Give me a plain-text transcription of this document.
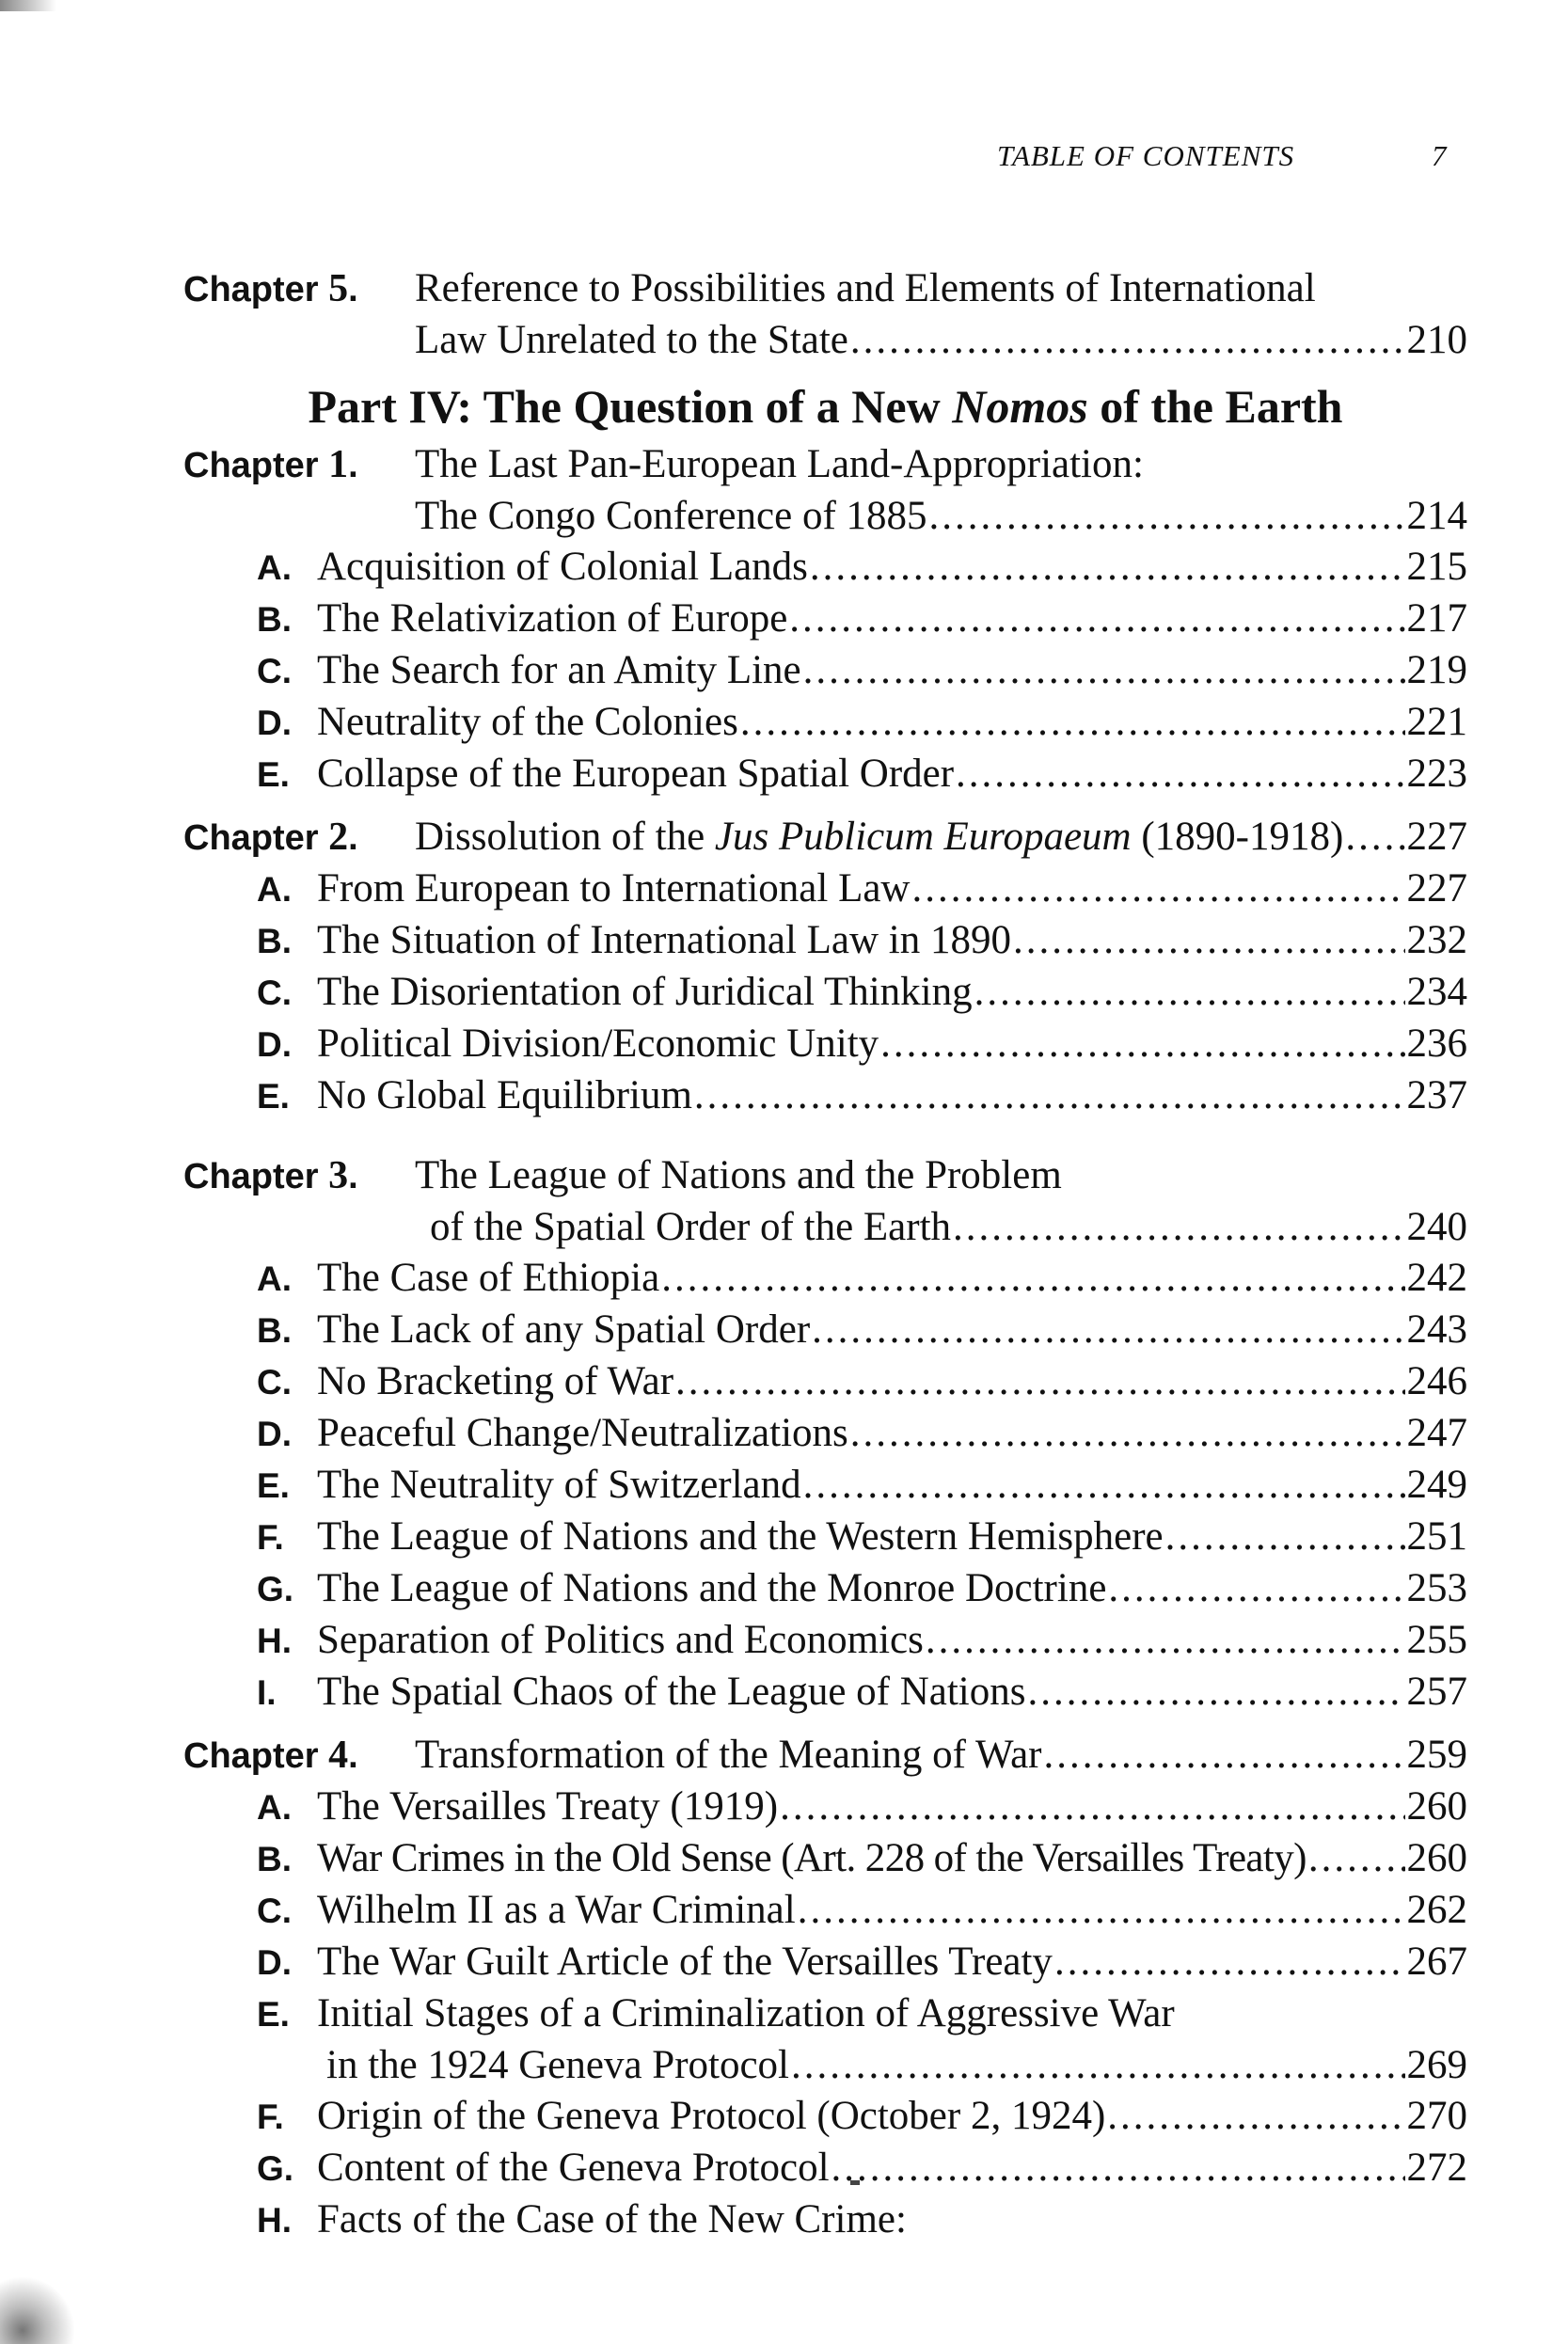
TABLE OF CONTENTS	7
Chapter 5. Reference to Possibilities and Elements of International
Law Unrelated to the State .....	210
Part IV: The Question of a New Nomos of the Earth
Chapter 1. The Last Pan-European Land-Appropriation:
The Congo Conference of 1885 .....	214
A. Acquisition of Colonial Lands .....	215
B. The Relativization of Europe .....	217
C. The Search for an Amity Line .....	219
D. Neutrality of the Colonies .....	221
E. Collapse of the European Spatial Order .....	223
Chapter 2. Dissolution of the Jus Publicum Europaeum (1890-1918) ..... 227
A. From European to International Law .....	227
B. The Situation of International Law in 1890 .....	232
C. The Disorientation of Juridical Thinking .....	234
D. Political Division/Economic Unity .....	236
E. No Global Equilibrium .....	237
Chapter 3. The League of Nations and the Problem
of the Spatial Order of the Earth .....	240
A. The Case of Ethiopia .....	242
B. The Lack of any Spatial Order .....	243
C. No Bracketing of War .....	246
D. Peaceful Change/Neutralizations .....	247
E. The Neutrality of Switzerland .....	249
F. The League of Nations and the Western Hemisphere .....	251
G. The League of Nations and the Monroe Doctrine .....	253
H. Separation of Politics and Economics .....	255
I. The Spatial Chaos of the League of Nations .....	257
Chapter 4. Transformation of the Meaning of War .....	259
A. The Versailles Treaty (1919) .....	260
B. War Crimes in the Old Sense (Art. 228 of the Versailles Treaty) ..... 260
C. Wilhelm II as a War Criminal .....	262
D. The War Guilt Article of the Versailles Treaty .....	267
E. Initial Stages of a Criminalization of Aggressive War
in the 1924 Geneva Protocol .....	269
F. Origin of the Geneva Protocol (October 2, 1924) .....	270
G. Content of the Geneva Protocol .....	272
H. Facts of the Case of the New Crime:
